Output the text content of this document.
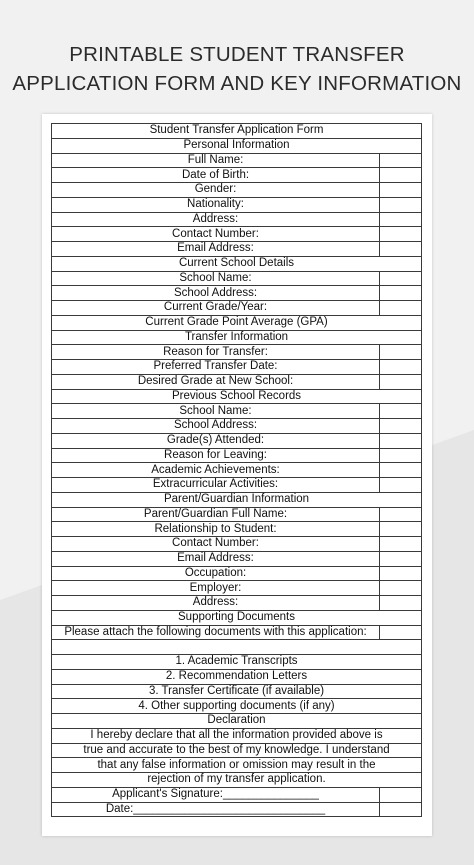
PRINTABLE STUDENT TRANSFER
APPLICATION FORM AND KEY INFORMATION
Student Transfer Application Form	
Personal Information	
Full Name:	
Date of Birth:	
Gender:	
Nationality:	
Address:	
Contact Number:	
Email Address:	
Current School Details	
School Name:	
School Address:	
Current Grade/Year:	
Current Grade Point Average (GPA)	
Transfer Information	
Reason for Transfer:	
Preferred Transfer Date:	
Desired Grade at New School:	
Previous School Records	
School Name:	
School Address:	
Grade(s) Attended:	
Reason for Leaving:	
Academic Achievements:	
Extracurricular Activities:	
Parent/Guardian Information	
Parent/Guardian Full Name:	
Relationship to Student:	
Contact Number:	
Email Address:	
Occupation:	
Employer:	
Address:	
Supporting Documents	
Please attach the following documents with this application:	

1. Academic Transcripts	
2. Recommendation Letters	
3. Transfer Certificate (if available)	
4. Other supporting documents (if any)	
Declaration	
I hereby declare that all the information provided above is	
true and accurate to the best of my knowledge. I understand	
that any false information or omission may result in the	
rejection of my transfer application.	
Applicant's Signature:_______________	
Date:______________________________	
